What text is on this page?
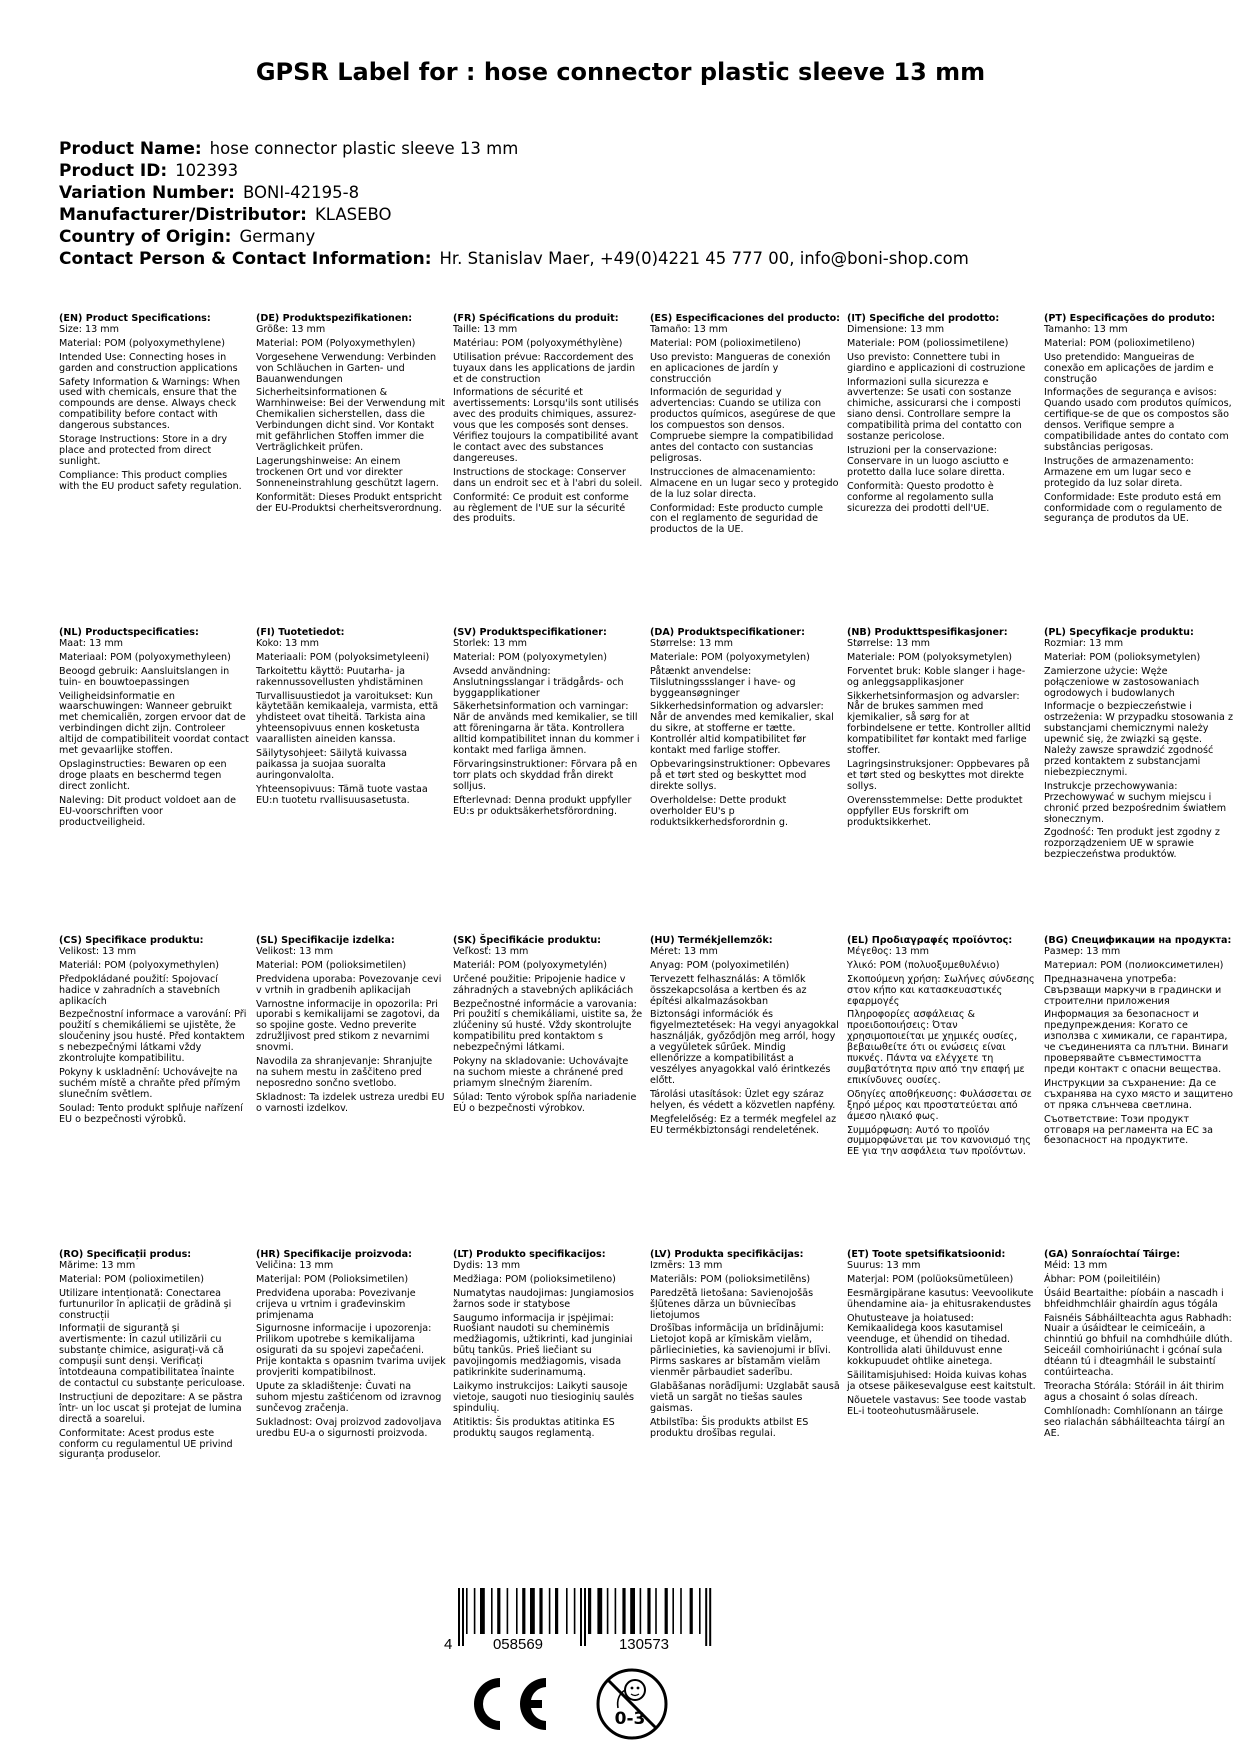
GPSR Label for : hose connector plastic sleeve 13 mm
Product Name: hose connector plastic sleeve 13 mm
Product ID: 102393
Variation Number: BONI-42195-8
Manufacturer/Distributor: KLASEBO
Country of Origin: Germany
Contact Person & Contact Information: Hr. Stanislav Maer, +49(0)4221 45 777 00, info@boni-shop.com
(EN) Product Specifications:
Size: 13 mm
Material: POM (polyoxymethylene)
Intended Use: Connecting hoses in garden and construction applications
Safety Information & Warnings: When used with chemicals, ensure that the compounds are dense. Always check compatibility before contact with dangerous substances.
Storage Instructions: Store in a dry place and protected from direct sunlight.
Compliance: This product complies with the EU product safety regulation.
(DE) Produktspezifikationen:
Größe: 13 mm
Material: POM (Polyoxymethylen)
Vorgesehene Verwendung: Verbinden von Schläuchen in Garten- und Bauanwendungen
Sicherheitsinformationen & Warnhinweise: Bei der Verwendung mit Chemikalien sicherstellen, dass die Verbindungen dicht sind. Vor Kontakt mit gefährlichen Stoffen immer die Verträglichkeit prüfen.
Lagerungshinweise: An einem trockenen Ort und vor direkter Sonneneinstrahlung geschützt lagern.
Konformität: Dieses Produkt entspricht der EU-Produktsi cherheitsverordnung.
(FR) Spécifications du produit:
Taille: 13 mm
Matériau: POM (polyoxyméthylène)
Utilisation prévue: Raccordement des tuyaux dans les applications de jardin et de construction
Informations de sécurité et avertissements: Lorsqu'ils sont utilisés avec des produits chimiques, assurez-vous que les composés sont denses. Vérifiez toujours la compatibilité avant le contact avec des substances dangereuses.
Instructions de stockage: Conserver dans un endroit sec et à l'abri du soleil.
Conformité: Ce produit est conforme au règlement de l'UE sur la sécurité des produits.
(ES) Especificaciones del producto:
Tamaño: 13 mm
Material: POM (polioximetileno)
Uso previsto: Mangueras de conexión en aplicaciones de jardín y construcción
Información de seguridad y advertencias: Cuando se utiliza con productos químicos, asegúrese de que los compuestos son densos. Compruebe siempre la compatibilidad antes del contacto con sustancias peligrosas.
Instrucciones de almacenamiento: Almacene en un lugar seco y protegido de la luz solar directa.
Conformidad: Este producto cumple con el reglamento de seguridad de productos de la UE.
(IT) Specifiche del prodotto:
Dimensione: 13 mm
Materiale: POM (poliossimetilene)
Uso previsto: Connettere tubi in giardino e applicazioni di costruzione
Informazioni sulla sicurezza e avvertenze: Se usati con sostanze chimiche, assicurarsi che i composti siano densi. Controllare sempre la compatibilità prima del contatto con sostanze pericolose.
Istruzioni per la conservazione: Conservare in un luogo asciutto e protetto dalla luce solare diretta.
Conformità: Questo prodotto è conforme al regolamento sulla sicurezza dei prodotti dell'UE.
(PT) Especificações do produto:
Tamanho: 13 mm
Material: POM (polioximetileno)
Uso pretendido: Mangueiras de conexão em aplicações de jardim e construção
Informações de segurança e avisos: Quando usado com produtos químicos, certifique-se de que os compostos são densos. Verifique sempre a compatibilidade antes do contato com substâncias perigosas.
Instruções de armazenamento: Armazene em um lugar seco e protegido da luz solar direta.
Conformidade: Este produto está em conformidade com o regulamento de segurança de produtos da UE.
(NL) Productspecificaties:
Maat: 13 mm
Materiaal: POM (polyoxymethyleen)
Beoogd gebruik: Aansluitslangen in tuin- en bouwtoepassingen
Veiligheidsinformatie en waarschuwingen: Wanneer gebruikt met chemicaliën, zorgen ervoor dat de verbindingen dicht zijn. Controleer altijd de compatibiliteit voordat contact met gevaarlijke stoffen.
Opslaginstructies: Bewaren op een droge plaats en beschermd tegen direct zonlicht.
Naleving: Dit product voldoet aan de EU-voorschriften voor productveiligheid.
(FI) Tuotetiedot:
Koko: 13 mm
Materiaali: POM (polyoksimetyleeni)
Tarkoitettu käyttö: Puutarha- ja rakennussovellusten yhdistäminen
Turvallisuustiedot ja varoitukset: Kun käytetään kemikaaleja, varmista, että yhdisteet ovat tiheitä. Tarkista aina yhteensopivuus ennen kosketusta vaarallisten aineiden kanssa.
Säilytysohjeet: Säilytä kuivassa paikassa ja suojaa suoralta auringonvalolta.
Yhteensopivuus: Tämä tuote vastaa EU:n tuotetu rvallisuusasetusta.
(SV) Produktspecifikationer:
Storlek: 13 mm
Material: POM (polyoxymetylen)
Avsedd användning: Anslutningsslangar i trädgårds- och byggapplikationer
Säkerhetsinformation och varningar: När de används med kemikalier, se till att föreningarna är täta. Kontrollera alltid kompatibilitet innan du kommer i kontakt med farliga ämnen.
Förvaringsinstruktioner: Förvara på en torr plats och skyddad från direkt solljus.
Efterlevnad: Denna produkt uppfyller EU:s pr oduktsäkerhetsförordning.
(DA) Produktspecifikationer:
Størrelse: 13 mm
Materiale: POM (polyoxymetylen)
Påtænkt anvendelse: Tilslutningssslanger i have- og byggeansøgninger
Sikkerhedsinformation og advarsler: Når de anvendes med kemikalier, skal du sikre, at stofferne er tætte. Kontrollér altid kompatibilitet før kontakt med farlige stoffer.
Opbevaringsinstruktioner: Opbevares på et tørt sted og beskyttet mod direkte sollys.
Overholdelse: Dette produkt overholder EU's p roduktsikkerhedsforordnin g.
(NB) Produkttspesifikasjoner:
Størrelse: 13 mm
Materiale: POM (polyoksymetylen)
Forventet bruk: Koble slanger i hage- og anleggsapplikasjoner
Sikkerhetsinformasjon og advarsler: Når de brukes sammen med kjemikalier, så sørg for at forbindelsene er tette. Kontroller alltid kompatibilitet før kontakt med farlige stoffer.
Lagringsinstruksjoner: Oppbevares på et tørt sted og beskyttes mot direkte sollys.
Overensstemmelse: Dette produktet oppfyller EUs forskrift om produktsikkerhet.
(PL) Specyfikacje produktu:
Rozmiar: 13 mm
Materiał: POM (polioksymetylen)
Zamierzone użycie: Węże połączeniowe w zastosowaniach ogrodowych i budowlanych
Informacje o bezpieczeństwie i ostrzeżenia: W przypadku stosowania z substancjami chemicznymi należy upewnić się, że związki są gęste. Należy zawsze sprawdzić zgodność przed kontaktem z substancjami niebezpiecznymi.
Instrukcje przechowywania: Przechowywać w suchym miejscu i chronić przed bezpośrednim światłem słonecznym.
Zgodność: Ten produkt jest zgodny z rozporządzeniem UE w sprawie bezpieczeństwa produktów.
(CS) Specifikace produktu:
Velikost: 13 mm
Materiál: POM (polyoxymethylen)
Předpokládané použití: Spojovací hadice v zahradních a stavebních aplikacích
Bezpečnostní informace a varování: Při použití s chemikáliemi se ujistěte, že sloučeniny jsou husté. Před kontaktem s nebezpečnými látkami vždy zkontrolujte kompatibilitu.
Pokyny k uskladnění: Uchovávejte na suchém místě a chraňte před přímým slunečním světlem.
Soulad: Tento produkt splňuje nařízení EU o bezpečnosti výrobků.
(SL) Specifikacije izdelka:
Velikost: 13 mm
Material: POM (polioksimetilen)
Predvidena uporaba: Povezovanje cevi v vrtnih in gradbenih aplikacijah
Varnostne informacije in opozorila: Pri uporabi s kemikalijami se zagotovi, da so spojine goste. Vedno preverite združljivost pred stikom z nevarnimi snovmi.
Navodila za shranjevanje: Shranjujte na suhem mestu in zaščiteno pred neposredno sončno svetlobo.
Skladnost: Ta izdelek ustreza uredbi EU o varnosti izdelkov.
(SK) Špecifikácie produktu:
Veľkosť: 13 mm
Materiál: POM (polyoxymetylén)
Určené použitie: Pripojenie hadice v záhradných a stavebných aplikáciách
Bezpečnostné informácie a varovania: Pri použití s chemikáliami, uistite sa, že zlúčeniny sú husté. Vždy skontrolujte kompatibilitu pred kontaktom s nebezpečnými látkami.
Pokyny na skladovanie: Uchovávajte na suchom mieste a chránené pred priamym slnečným žiarením.
Súlad: Tento výrobok spĺňa nariadenie EÚ o bezpečnosti výrobkov.
(HU) Termékjellemzők:
Méret: 13 mm
Anyag: POM (polyoximetilén)
Tervezett felhasználás: A tömlők összekapcsolása a kertben és az építési alkalmazásokban
Biztonsági információk és figyelmeztetések: Ha vegyi anyagokkal használják, győződjön meg arról, hogy a vegyületek sűrűek. Mindig ellenőrizze a kompatibilitást a veszélyes anyagokkal való érintkezés előtt.
Tárolási utasítások: Üzlet egy száraz helyen, és védett a közvetlen napfény.
Megfelelőség: Ez a termék megfelel az EU termékbiztonsági rendeletének.
(EL) Προδιαγραφές προϊόντος:
Μέγεθος: 13 mm
Υλικό: POM (πολυοξυμεθυλένιο)
Σκοπούμενη χρήση: Σωλήνες σύνδεσης στον κήπο και κατασκευαστικές εφαρμογές
Πληροφορίες ασφάλειας & προειδοποιήσεις: Όταν χρησιμοποιείται με χημικές ουσίες, βεβαιωθείτε ότι οι ενώσεις είναι πυκνές. Πάντα να ελέγχετε τη συμβατότητα πριν από την επαφή με επικίνδυνες ουσίες.
Οδηγίες αποθήκευσης: Φυλάσσεται σε ξηρό μέρος και προστατεύεται από άμεσο ηλιακό φως.
Συμμόρφωση: Αυτό το προϊόν συμμορφώνεται με τον κανονισμό της ΕΕ για την ασφάλεια των προϊόντων.
(BG) Спецификации на продукта:
Размер: 13 mm
Материал: POM (полиоксиметилен)
Предназначена употреба: Свързващи маркучи в градински и строителни приложения
Информация за безопасност и предупреждения: Когато се използва с химикали, се гарантира, че съединенията са плътни. Винаги проверявайте съвместимостта преди контакт с опасни вещества.
Инструкции за съхранение: Да се съхранява на сухо място и защитено от пряка слънчева светлина.
Съответствие: Този продукт отговаря на регламента на ЕС за безопасност на продуктите.
(RO) Specificații produs:
Mărime: 13 mm
Material: POM (polioximetilen)
Utilizare intenționată: Conectarea furtunurilor în aplicații de grădină și construcții
Informații de siguranță și avertismente: În cazul utilizării cu substanțe chimice, asigurați-vă că compușii sunt denși. Verificați întotdeauna compatibilitatea înainte de contactul cu substanțe periculoase.
Instrucțiuni de depozitare: A se păstra într- un loc uscat și protejat de lumina directă a soarelui.
Conformitate: Acest produs este conform cu regulamentul UE privind siguranța produselor.
(HR) Specifikacije proizvoda:
Veličina: 13 mm
Materijal: POM (Polioksimetilen)
Predviđena uporaba: Povezivanje crijeva u vrtnim i građevinskim primjenama
Sigurnosne informacije i upozorenja: Prilikom upotrebe s kemikalijama osigurati da su spojevi zapečaćeni. Prije kontakta s opasnim tvarima uvijek provjeriti kompatibilnost.
Upute za skladištenje: Čuvati na suhom mjestu zaštićenom od izravnog sunčevog zračenja.
Sukladnost: Ovaj proizvod zadovoljava uredbu EU-a o sigurnosti proizvoda.
(LT) Produkto specifikacijos:
Dydis: 13 mm
Medžiaga: POM (polioksimetileno)
Numatytas naudojimas: Jungiamosios žarnos sode ir statybose
Saugumo informacija ir įspėjimai: Ruošiant naudoti su cheminėmis medžiagomis, užtikrinti, kad junginiai būtų tankūs. Prieš liečiant su pavojingomis medžiagomis, visada patikrinkite suderinamumą.
Laikymo instrukcijos: Laikyti sausoje vietoje, saugoti nuo tiesioginių saulės spindulių.
Atitiktis: Šis produktas atitinka ES produktų saugos reglamentą.
(LV) Produkta specifikācijas:
Izmērs: 13 mm
Materiāls: POM (polioksimetilēns)
Paredzētā lietošana: Savienojošās šļūtenes dārza un būvniecības lietojumos
Drošības informācija un brīdinājumi: Lietojot kopā ar ķīmiskām vielām, pārliecinieties, ka savienojumi ir blīvi. Pirms saskares ar bīstamām vielām vienmēr pārbaudiet saderību.
Glabāšanas norādījumi: Uzglabāt sausā vietā un sargāt no tiešas saules gaismas.
Atbilstība: Šis produkts atbilst ES produktu drošības regulai.
(ET) Toote spetsifikatsioonid:
Suurus: 13 mm
Materjal: POM (polüoksümetüleen)
Eesmärgipärane kasutus: Veevoolikute ühendamine aia- ja ehitusrakendustes
Ohutusteave ja hoiatused: Kemikaalidega koos kasutamisel veenduge, et ühendid on tihedad. Kontrollida alati ühilduvust enne kokkupuudet ohtlike ainetega.
Säilitamisjuhised: Hoida kuivas kohas ja otsese päikesevalguse eest kaitstult.
Nõuetele vastavus: See toode vastab EL-i tooteohutusmäärusele.
(GA) Sonraíochtaí Táirge:
Méid: 13 mm
Ábhar: POM (poileitiléin)
Úsáid Beartaithe: píobáin a nascadh i bhfeidhmchláir ghairdín agus tógála
Faisnéis Sábháilteachta agus Rabhadh: Nuair a úsáidtear le ceimiceáin, a chinntiú go bhfuil na comhdhúile dlúth. Seiceáil comhoiriúnacht i gcónaí sula dtéann tú i dteagmháil le substaintí contúirteacha.
Treoracha Stórála: Stóráil in áit thirim agus a chosaint ó solas díreach.
Comhlíonadh: Comhlíonann an táirge seo rialachán sábháilteachta táirgí an AE.
4	058569	130573
0-3
